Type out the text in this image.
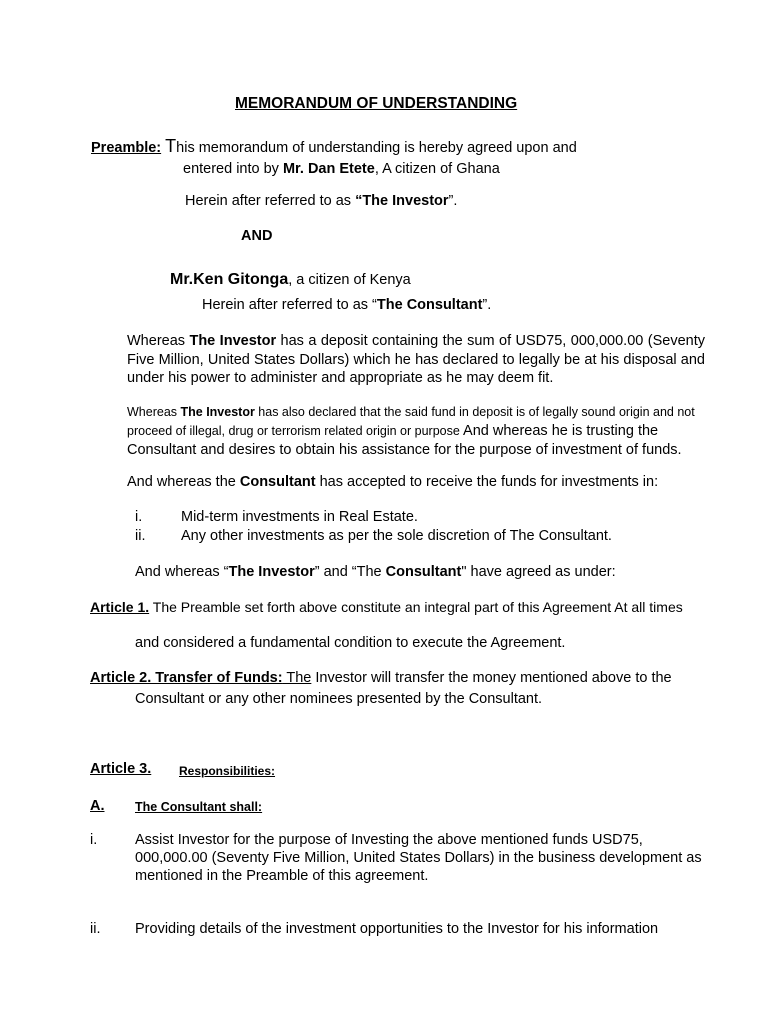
MEMORANDUM OF UNDERSTANDING
Preamble: This memorandum of understanding is hereby agreed upon and
entered into by Mr. Dan Etete, A citizen of Ghana
Herein after referred to as “The Investor”.
AND
Mr.Ken Gitonga, a citizen of Kenya
Herein after referred to as “The Consultant”.
Whereas The Investor has a deposit containing the sum of USD75, 000,000.00 (Seventy Five Million, United States Dollars) which he has declared to legally be at his disposal and under his power to administer and appropriate as he may deem fit.
Whereas The Investor has also declared that the said fund in deposit is of legally sound origin and not proceed of illegal, drug or terrorism related origin or purpose And whereas he is trusting the Consultant and desires to obtain his assistance for the purpose of investment of funds.
And whereas the Consultant has accepted to receive the funds for investments in:
i.	Mid-term investments in Real Estate.
ii. Any other investments as per the sole discretion of The Consultant.
And whereas “The Investor” and “The Consultant" have agreed as under:
Article 1. The Preamble set forth above constitute an integral part of this Agreement At all times
and considered a fundamental condition to execute the Agreement.
Article 2. Transfer of Funds: The Investor will transfer the money mentioned above to the
Consultant or any other nominees presented by the Consultant.
Article 3. Responsibilities:
A. The Consultant shall:
i.	Assist Investor for the purpose of Investing the above mentioned funds USD75, 000,000.00 (Seventy Five Million, United States Dollars) in the business development as mentioned in the Preamble of this agreement.
ii. Providing details of the investment opportunities to the Investor for his information
